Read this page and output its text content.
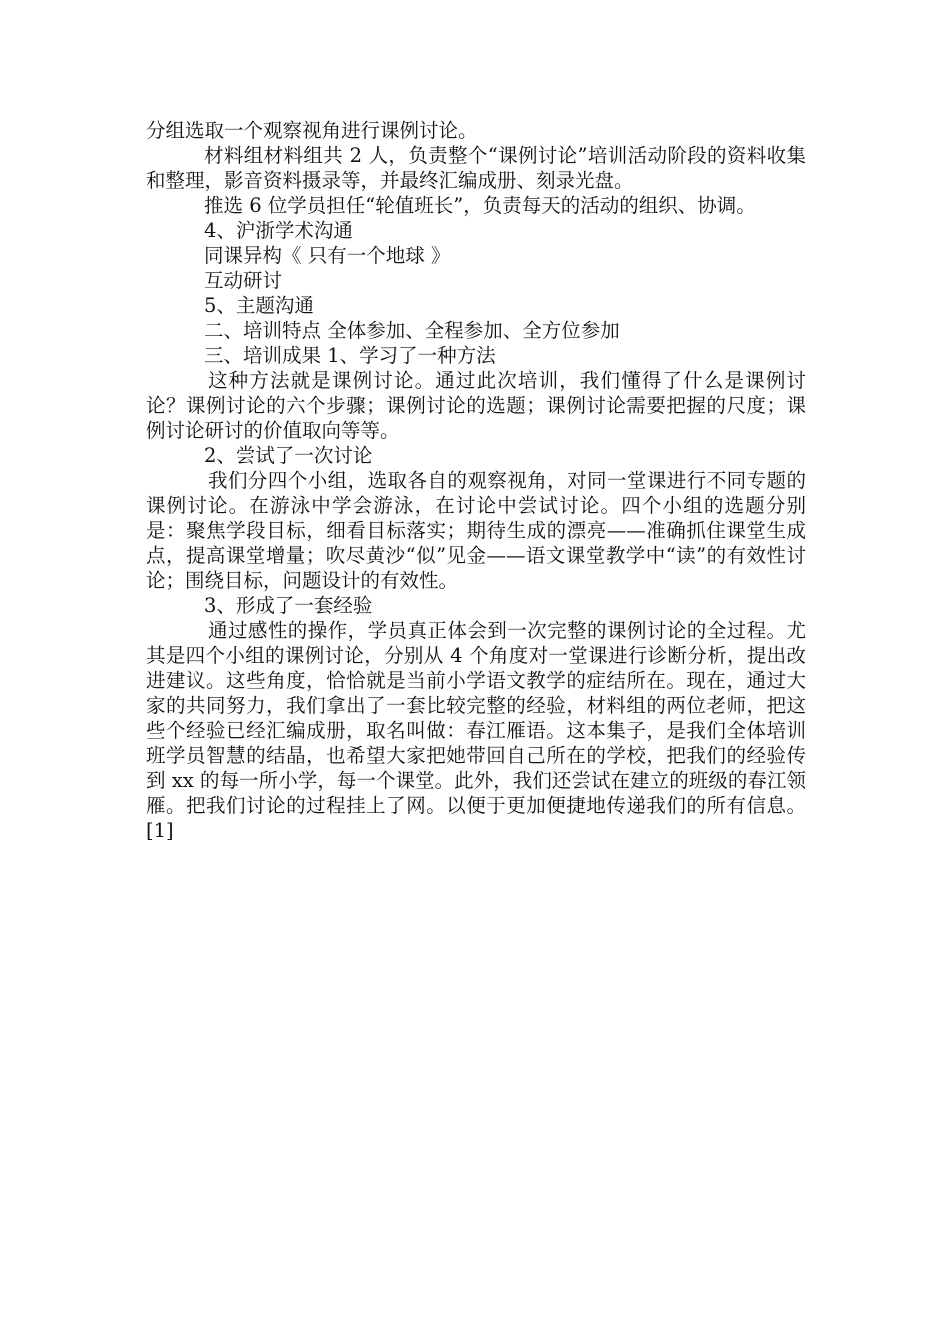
分组选取一个观察视角进行课例讨论。

材料组材料组共 2 人，负责整个“课例讨论”培训活动阶段的资料收集和整理，影音资料摄录等，并最终汇编成册、刻录光盘。

推选 6 位学员担任“轮值班长”，负责每天的活动的组织、协调。

4、沪浙学术沟通

同课异构《 只有一个地球 》

互动研讨

5、主题沟通

二、培训特点 全体参加、全程参加、全方位参加

三、培训成果 1、学习了一种方法

这种方法就是课例讨论。通过此次培训，我们懂得了什么是课例讨论？课例讨论的六个步骤；课例讨论的选题；课例讨论需要把握的尺度；课例讨论研讨的价值取向等等。

2、尝试了一次讨论

我们分四个小组，选取各自的观察视角，对同一堂课进行不同专题的课例讨论。在游泳中学会游泳，在讨论中尝试讨论。四个小组的选题分别是：聚焦学段目标，细看目标落实；期待生成的漂亮——准确抓住课堂生成点，提高课堂增量；吹尽黄沙“似”见金——语文课堂教学中“读”的有效性讨论；围绕目标，问题设计的有效性。

3、形成了一套经验

通过感性的操作，学员真正体会到一次完整的课例讨论的全过程。尤其是四个小组的课例讨论，分别从 4 个角度对一堂课进行诊断分析，提出改进建议。这些角度，恰恰就是当前小学语文教学的症结所在。现在，通过大家的共同努力，我们拿出了一套比较完整的经验，材料组的两位老师，把这些个经验已经汇编成册，取名叫做：春江雁语。这本集子，是我们全体培训班学员智慧的结晶，也希望大家把她带回自己所在的学校，把我们的经验传到 xx 的每一所小学，每一个课堂。此外，我们还尝试在建立的班级的春江领雁。把我们讨论的过程挂上了网。以便于更加便捷地传递我们的所有信息。 [1]
